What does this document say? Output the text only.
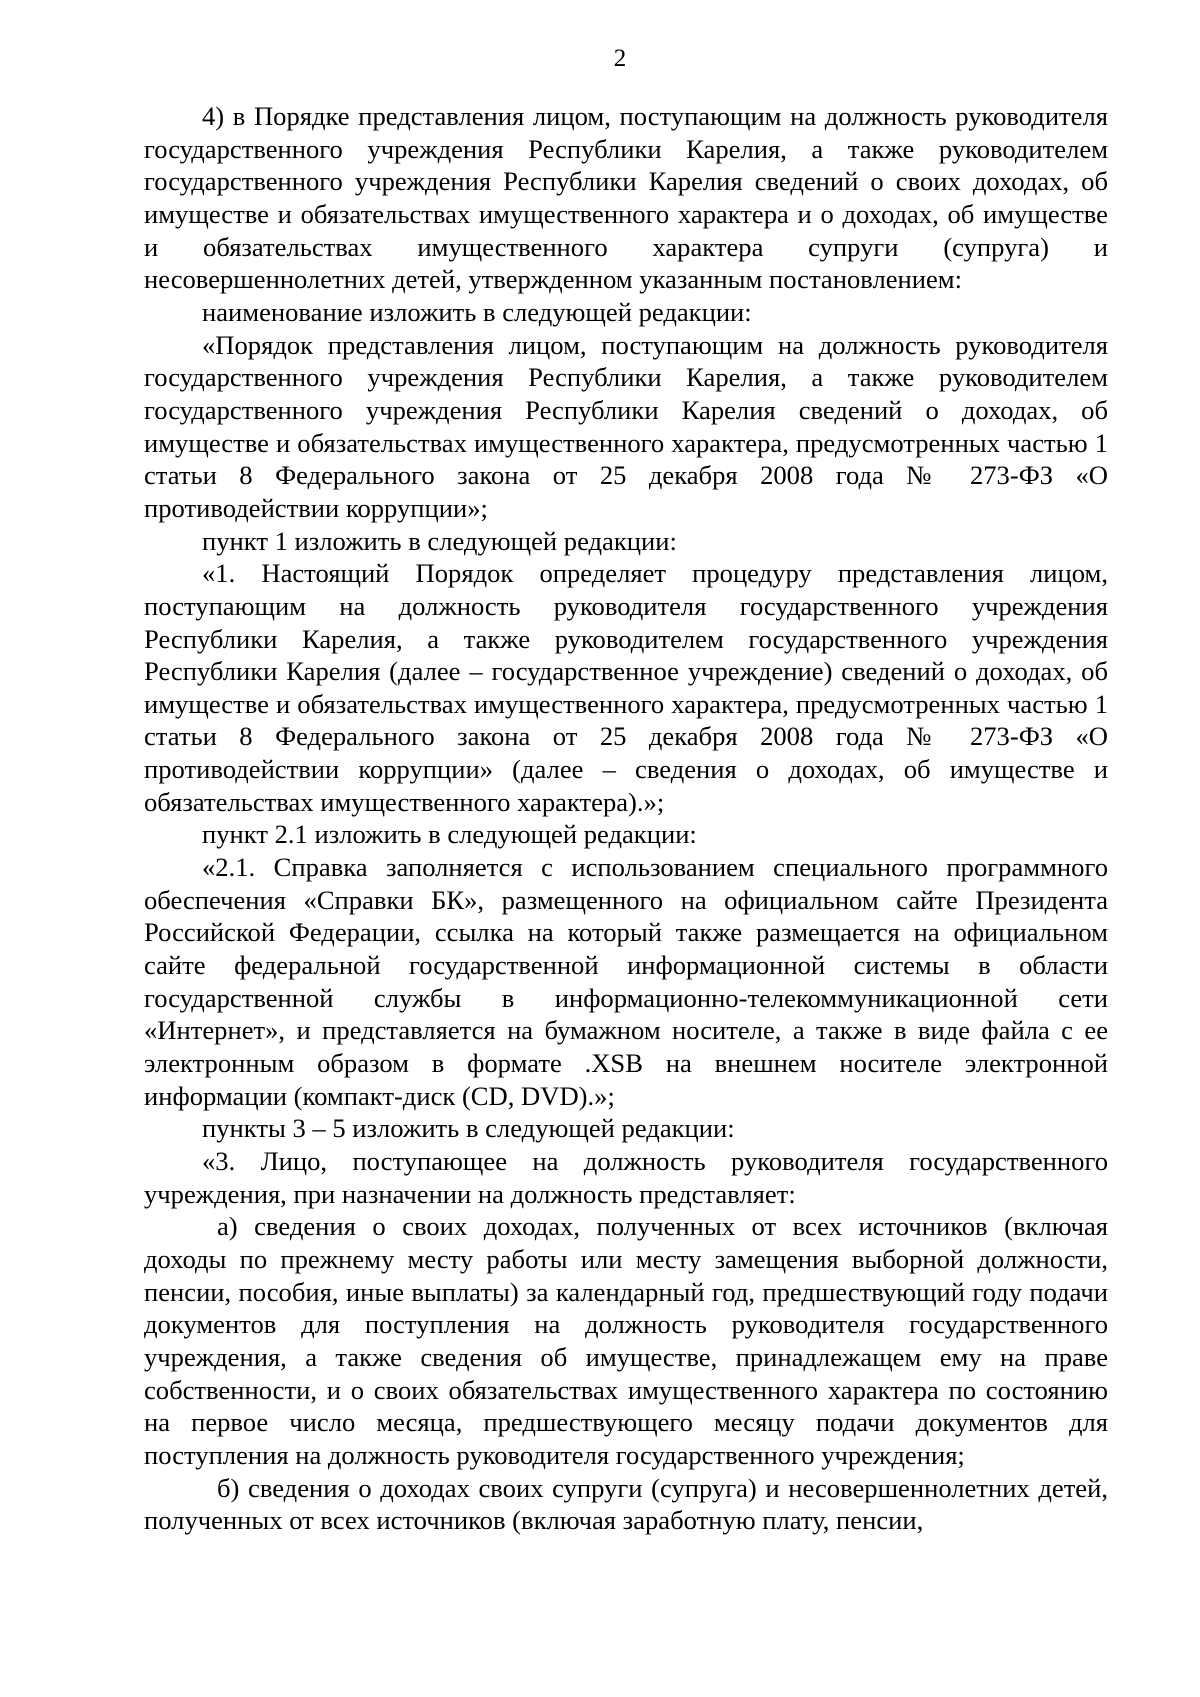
2

4) в Порядке представления лицом, поступающим на должность руководителя государственного учреждения Республики Карелия, а также руководителем государственного учреждения Республики Карелия сведений о своих доходах, об имуществе и обязательствах имущественного характера и о доходах, об имуществе и обязательствах имущественного характера супруги (супруга) и несовершеннолетних детей, утвержденном указанным постановлением:

наименование изложить в следующей редакции:

«Порядок представления лицом, поступающим на должность руководителя государственного учреждения Республики Карелия, а также руководителем государственного учреждения Республики Карелия сведений о доходах, об имуществе и обязательствах имущественного характера, предусмотренных частью 1 статьи 8 Федерального закона от 25 декабря 2008 года № 273-ФЗ «О противодействии коррупции»;

пункт 1 изложить в следующей редакции:

«1. Настоящий Порядок определяет процедуру представления лицом, поступающим на должность руководителя государственного учреждения Республики Карелия, а также руководителем государственного учреждения Республики Карелия (далее – государственное учреждение) сведений о доходах, об имуществе и обязательствах имущественного характера, предусмотренных частью 1 статьи 8 Федерального закона от 25 декабря 2008 года № 273-ФЗ «О противодействии коррупции» (далее – сведения о доходах, об имуществе и обязательствах имущественного характера).»;

пункт 2.1 изложить в следующей редакции:

«2.1. Справка заполняется с использованием специального программного обеспечения «Справки БК», размещенного на официальном сайте Президента Российской Федерации, ссылка на который также размещается на официальном сайте федеральной государственной информационной системы в области государственной службы в информационно-телекоммуникационной сети «Интернет», и представляется на бумажном носителе, а также в виде файла с ее электронным образом в формате .XSB на внешнем носителе электронной информации (компакт-диск (CD, DVD).»;

пункты 3 – 5 изложить в следующей редакции:

«3. Лицо, поступающее на должность руководителя государственного учреждения, при назначении на должность представляет:

а) сведения о своих доходах, полученных от всех источников (включая доходы по прежнему месту работы или месту замещения выборной должности, пенсии, пособия, иные выплаты) за календарный год, предшествующий году подачи документов для поступления на должность руководителя государственного учреждения, а также сведения об имуществе, принадлежащем ему на праве собственности, и о своих обязательствах имущественного характера по состоянию на первое число месяца, предшествующего месяцу подачи документов для поступления на должность руководителя государственного учреждения;

б) сведения о доходах своих супруги (супруга) и несовершеннолетних детей, полученных от всех источников (включая заработную плату, пенсии,
